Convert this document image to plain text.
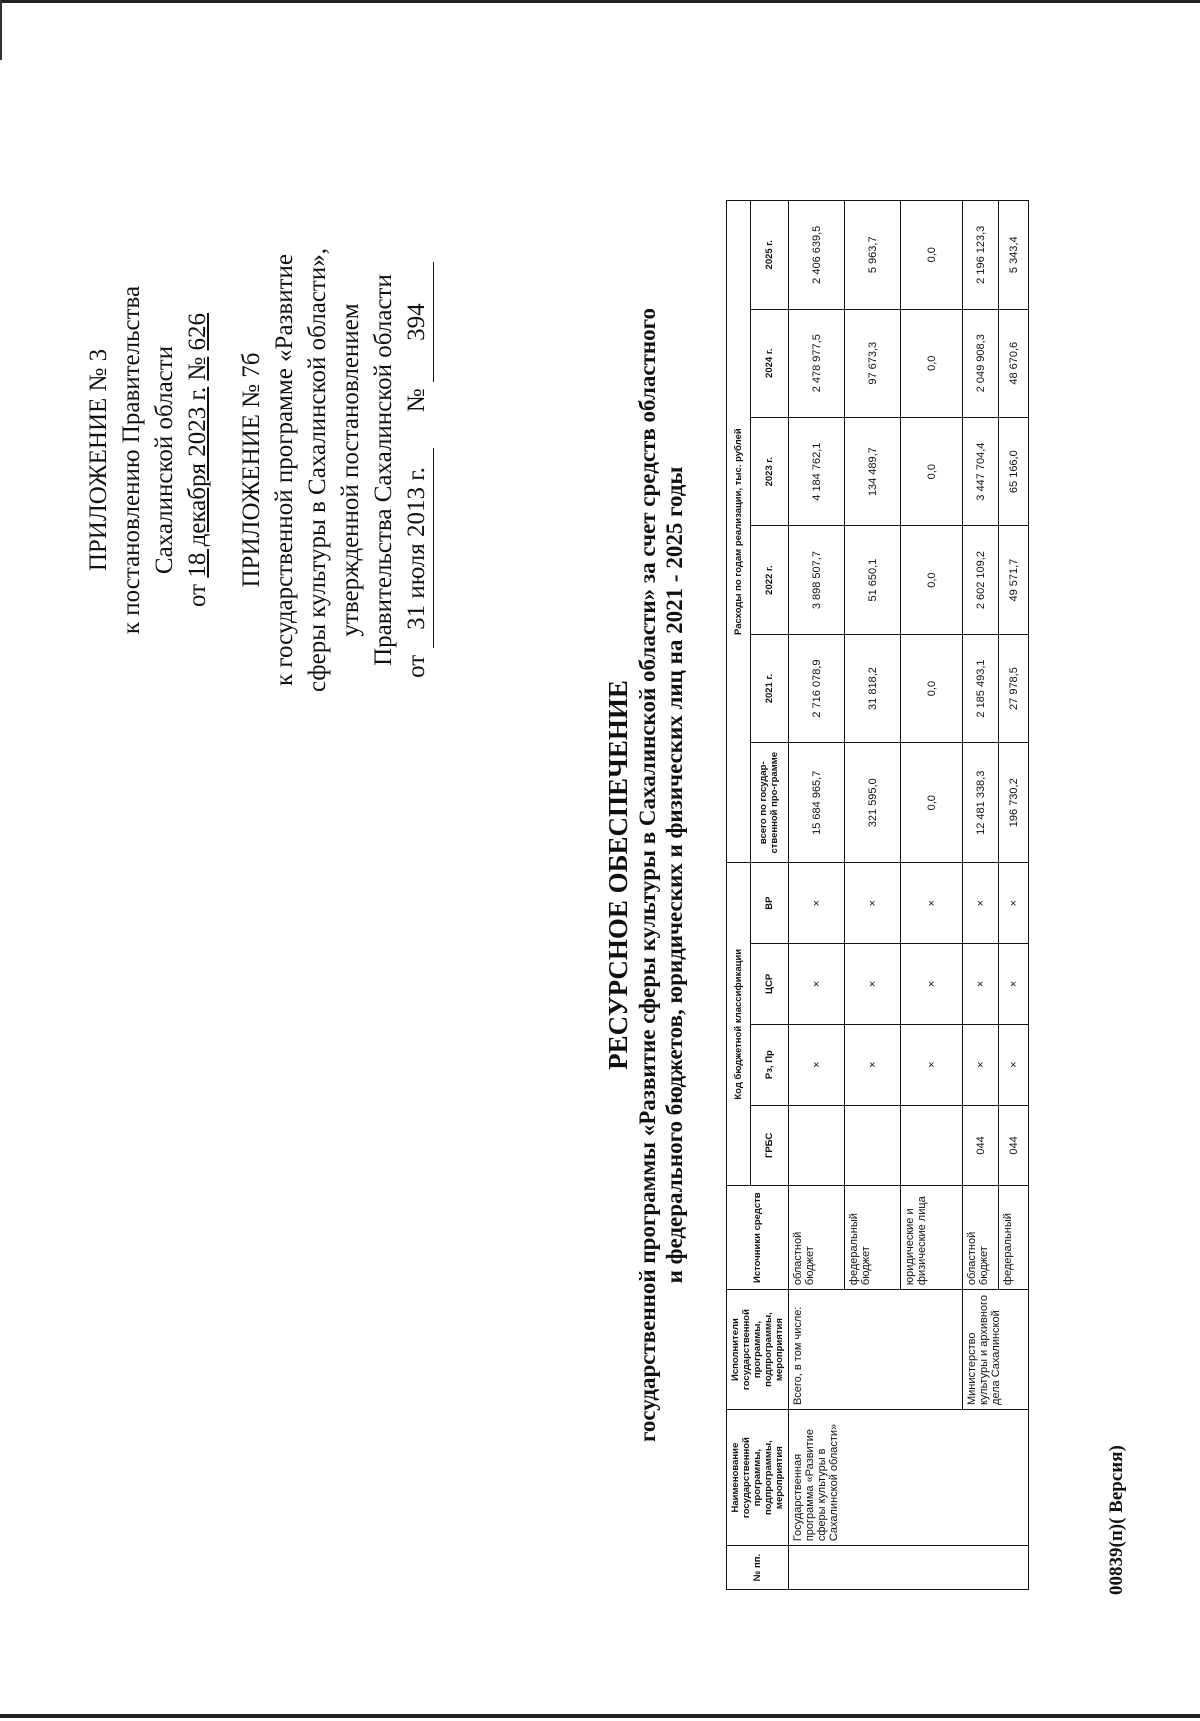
ПРИЛОЖЕНИЕ № 3 к постановлению Правительства Сахалинской области
от 18 декабря 2023 г. № 626
ПРИЛОЖЕНИЕ № 7б к государственной программе «Развитие сферы культуры в Сахалинской области», утвержденной постановлением Правительства Сахалинской области
от 31 июля 2013 г. № 394
РЕСУРСНОЕ ОБЕСПЕЧЕНИЕ государственной программы «Развитие сферы культуры в Сахалинской области» за счет средств областного и федерального бюджетов, юридических и физических лиц на 2021 - 2025 годы
№ пп.	Наименование государственной программы, подпрограммы, мероприятия	Исполнители государственной программы, подпрограммы, мероприятия	Источники средств	Код бюджетной классификации				Расходы по годам реализации, тыс. рублей					
				ГРБС	Рз, Пр	ЦСР	ВР	всего по государ-ственной про-грамме	2021 г.	2022 г.	2023 г.	2024 г.	2025 г.
	Государственная программа «Развитие сферы культуры в Сахалинской области»	Всего, в том числе:	областной бюджет		×	×	×	15 684 965,7	2 716 078,9	3 898 507,7	4 184 762,1	2 478 977,5	2 406 639,5
			федеральный бюджет		×	×	×	321 595,0	31 818,2	51 650,1	134 489,7	97 673,3	5 963,7
			юридические и физические лица		×	×	×	0,0	0,0	0,0	0,0	0,0	0,0
		Министерство культуры и архивного дела Сахалинской	областной бюджет	044	×	×	×	12 481 338,3	2 185 493,1	2 602 109,2	3 447 704,4	2 049 908,3	2 196 123,3
			федеральный	044	×	×	×	196 730,2	27 978,5	49 571,7	65 166,0	48 670,6	5 343,4
00839(п)( Версия)
